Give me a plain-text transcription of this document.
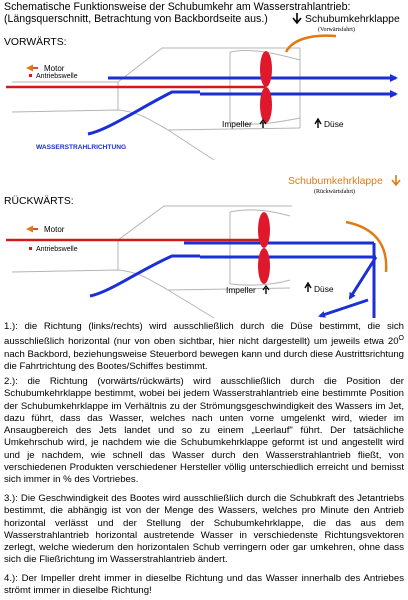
Schematische Funktionsweise der Schubumkehr am Wasserstrahlantrieb:
(Längsquerschnitt, Betrachtung von Backbordseite aus.)
VORWÄRTS:
Motor
Antriebswelle
Impeller	Düse
Schubumkehrklappe
(Vorwärtsfahrt)
WASSERSTRAHLRICHTUNG
RÜCKWÄRTS:
Motor
Antriebswelle
Impeller	Düse
Schubumkehrklappe
(Rückwärtsfahrt)
1.): die Richtung (links/rechts) wird ausschließlich durch die Düse bestimmt, die sich ausschließlich horizontal (nur von oben sichtbar, hier nicht dargestellt) um jeweils etwa $20^O$ nach Backbord, beziehungsweise Steuerbord bewegen kann und durch diese Austrittsrichtung die Fahrtrichtung des Bootes/Schiffes bestimmt.
2.): die Richtung (vorwärts/rückwärts) wird ausschließlich durch die Position der Schubumkehrklappe bestimmt, wobei bei jedem Wasserstrahlantrieb eine bestimmte Position der Schubumkehrklappe im Verhältnis zu der Strömungsgeschwindigkeit des Wassers im Jet, dazu führt, dass das Wasser, welches nach unten vorne umgelenkt wird, wieder im Ansaugbereich des Jets landet und so zu einem „Leerlauf" führt. Der tatsächliche Umkehrschub wird, je nachdem wie die Schubumkehrklappe geformt ist und angestellt wird und je nachdem, wie schnell das Wasser durch den Wasserstrahlantrieb fließt, von verschiedenen Produkten verschiedener Hersteller völlig unterschiedlich erreicht und bemisst sich immer in % des Vortriebes.
3.): Die Geschwindigkeit des Bootes wird ausschließlich durch die Schubkraft des Jetantriebs bestimmt, die abhängig ist von der Menge des Wassers, welches pro Minute den Antrieb horizontal verlässt und der Stellung der Schubumkehrklappe, die das aus dem Wasserstrahlantrieb horizontal austretende Wasser in verschiedenste Richtungsvektoren zerlegt, welche wiederum den horizontalen Schub verringern oder gar umkehren, ohne dass sich die Fließrichtung im Wasserstrahlantrieb ändert.
4.): Der Impeller dreht immer in dieselbe Richtung und das Wasser innerhalb des Antriebes strömt immer in dieselbe Richtung!
